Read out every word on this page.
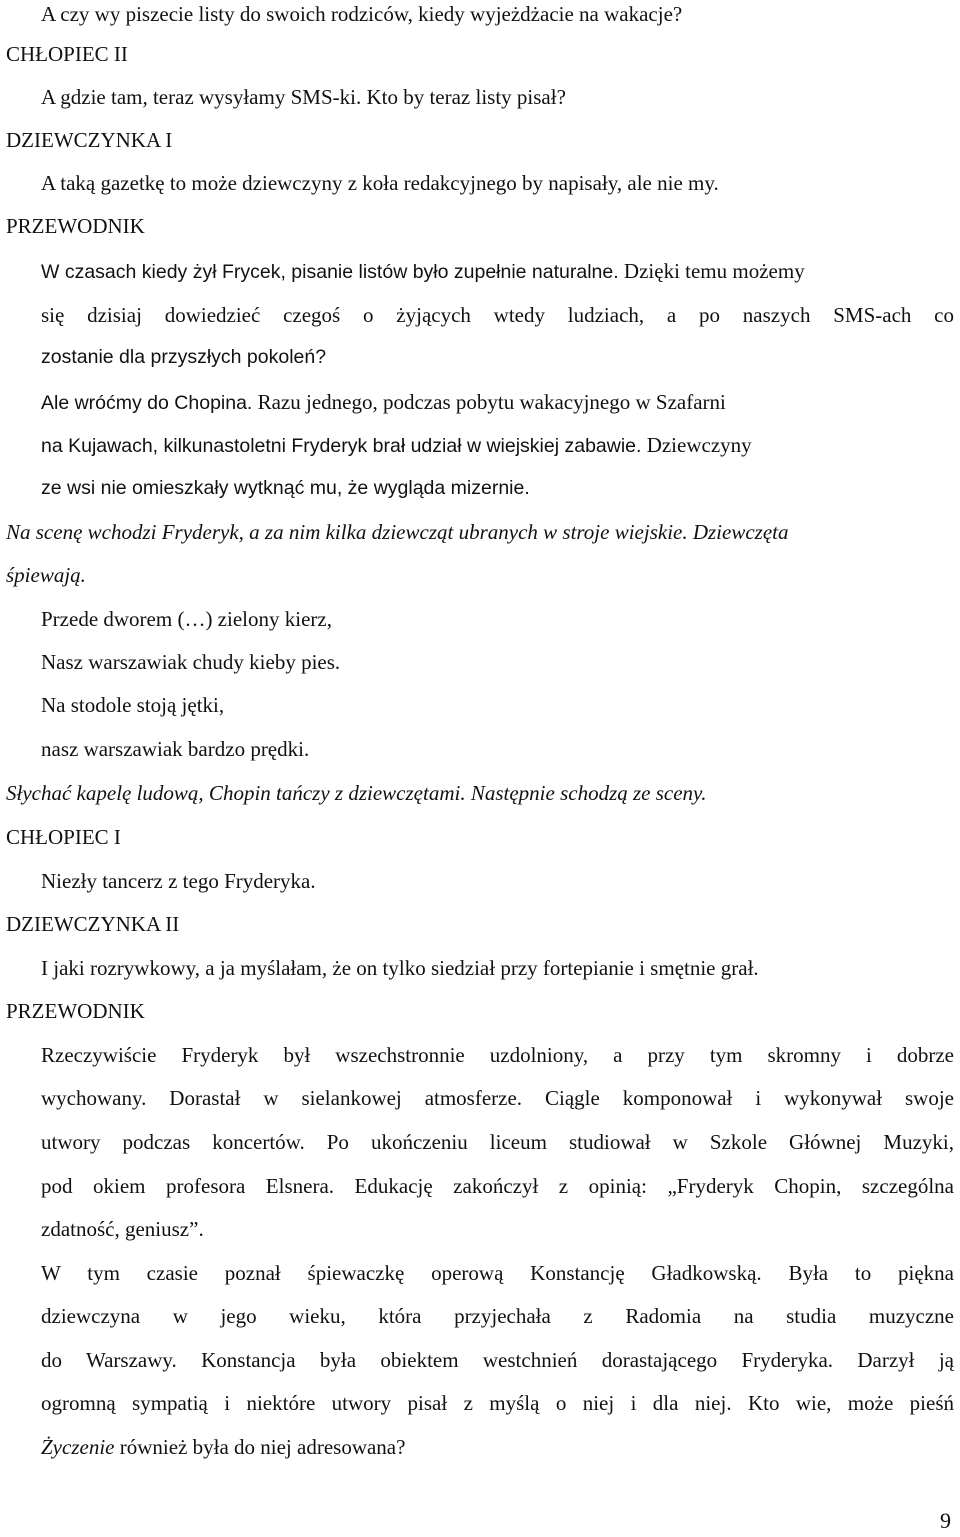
A czy wy piszecie listy do swoich rodziców, kiedy wyjeżdżacie na wakacje?

CHŁOPIEC II

A gdzie tam, teraz wysyłamy SMS-ki. Kto by teraz listy pisał?

DZIEWCZYNKA I

A taką gazetkę to może dziewczyny z koła redakcyjnego by napisały, ale nie my.

PRZEWODNIK

W czasach kiedy żył Frycek, pisanie listów było zupełnie naturalne. Dzięki temu możemy

się dzisiaj dowiedzieć czegoś o żyjących wtedy ludziach, a po naszych SMS-ach co

zostanie dla przyszłych pokoleń?

Ale wróćmy do Chopina. Razu jednego, podczas pobytu wakacyjnego w Szafarni

na Kujawach, kilkunastoletni Fryderyk brał udział w wiejskiej zabawie. Dziewczyny

ze wsi nie omieszkały wytknąć mu, że wygląda mizernie.

Na scenę wchodzi Fryderyk, a za nim kilka dziewcząt ubranych w stroje wiejskie. Dziewczęta

śpiewają.

Przede dworem (…) zielony kierz,

Nasz warszawiak chudy kieby pies.

Na stodole stoją jętki,

nasz warszawiak bardzo prędki.

Słychać kapelę ludową, Chopin tańczy z dziewczętami. Następnie schodzą ze sceny.

CHŁOPIEC I

Niezły tancerz z tego Fryderyka.

DZIEWCZYNKA II

I jaki rozrywkowy, a ja myślałam, że on tylko siedział przy fortepianie i smętnie grał.

PRZEWODNIK

Rzeczywiście Fryderyk był wszechstronnie uzdolniony, a przy tym skromny i dobrze

wychowany. Dorastał w sielankowej atmosferze. Ciągle komponował i wykonywał swoje

utwory podczas koncertów. Po ukończeniu liceum studiował w Szkole Głównej Muzyki,

pod okiem profesora Elsnera. Edukację zakończył z opinią: „Fryderyk Chopin, szczególna

zdatność, geniusz”.

W tym czasie poznał śpiewaczkę operową Konstancję Gładkowską. Była to piękna

dziewczyna w jego wieku, która przyjechała z Radomia na studia muzyczne

do Warszawy. Konstancja była obiektem westchnień dorastającego Fryderyka. Darzył ją

ogromną sympatią i niektóre utwory pisał z myślą o niej i dla niej. Kto wie, może pieśń

Życzenie również była do niej adresowana?

9
